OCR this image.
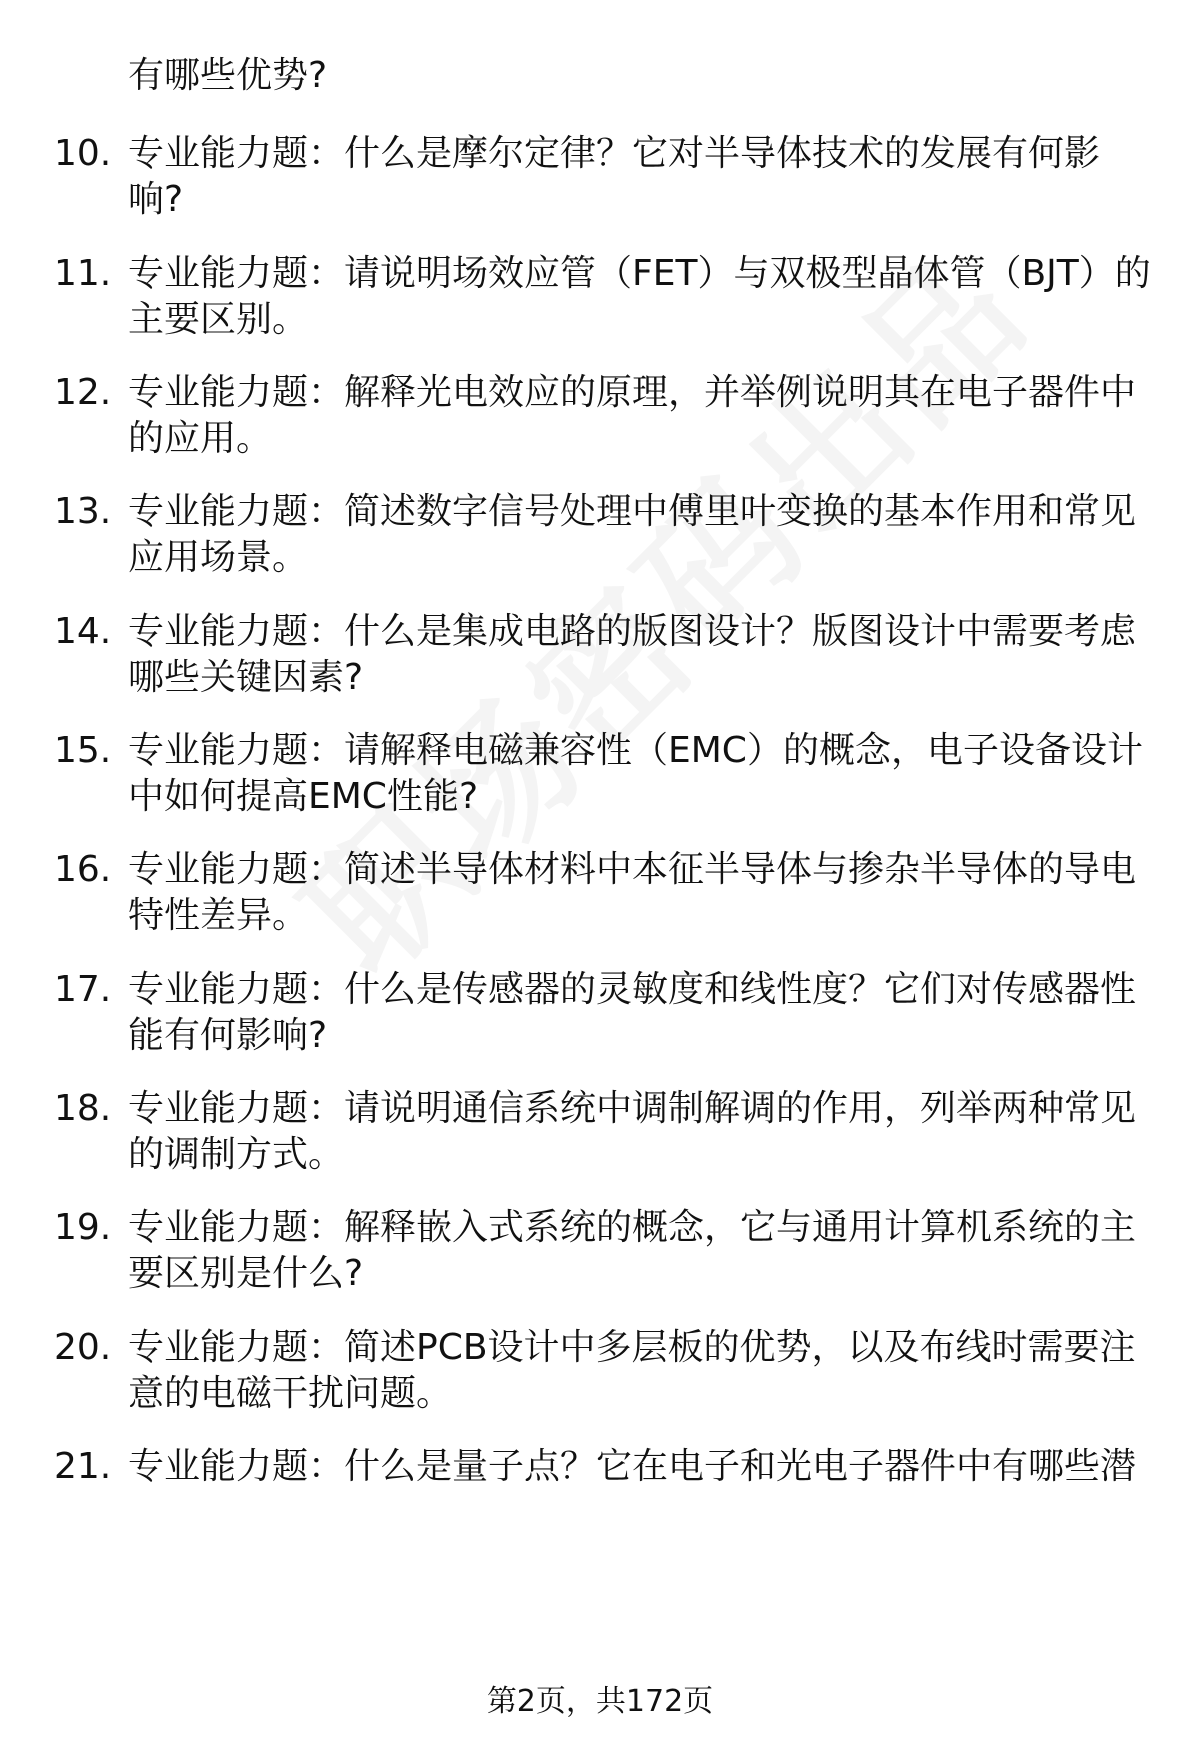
有哪些优势?
10. 专业能力题：什么是摩尔定律？它对半导体技术的发展有何影
响?
11. 专业能力题：请说明场效应管（FET）与双极型晶体管（BJT）的
主要区别。
12. 专业能力题：解释光电效应的原理，并举例说明其在电子器件中
的应用。
13. 专业能力题：简述数字信号处理中傅里叶变换的基本作用和常见
应用场景。
14. 专业能力题：什么是集成电路的版图设计？版图设计中需要考虑
哪些关键因素?
15. 专业能力题：请解释电磁兼容性（EMC）的概念，电子设备设计
中如何提高EMC性能?
16. 专业能力题：简述半导体材料中本征半导体与掺杂半导体的导电
特性差异。
17. 专业能力题：什么是传感器的灵敏度和线性度？它们对传感器性
能有何影响?
18. 专业能力题：请说明通信系统中调制解调的作用，列举两种常见
的调制方式。
19. 专业能力题：解释嵌入式系统的概念，它与通用计算机系统的主
要区别是什么?
20. 专业能力题：简述PCB设计中多层板的优势，以及布线时需要注
意的电磁干扰问题。
21. 专业能力题：什么是量子点？它在电子和光电子器件中有哪些潜
第2页，共172页
